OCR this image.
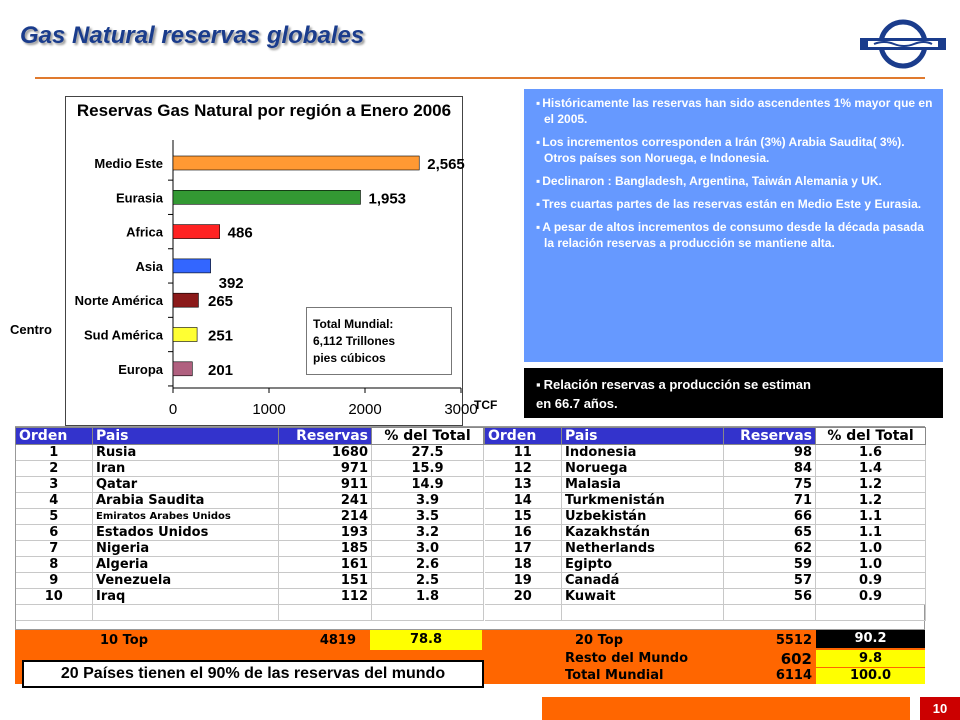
Gas Natural reservas globales
Reservas Gas Natural por región a Enero 2006
0	1000	2000	3000
Medio Este	2,565
Eurasia	1,953
Africa	486
Asia
392
Norte América	265
Sud América	251
Europa	201
Centro	Total Mundial:
6,112 Trillones
pies cúbicos
TCF
▪ Históricamente las reservas han sido ascendentes 1% mayor que en el 2005.
▪ Los incrementos corresponden a Irán (3%) Arabia Saudita( 3%). Otros países son Noruega, e Indonesia.
▪ Declinaron : Bangladesh, Argentina, Taiwán Alemania y UK.
▪ Tres cuartas partes de las reservas están en Medio Este y Eurasia.
▪ A pesar de altos incrementos de consumo desde la década pasada la relación reservas a producción se mantiene alta.
▪ Relación reservas a producción se estiman
en 66.7 años.
Orden	Pais	Reservas	% del Total
1	Rusia	1680	27.5
2	Iran	971	15.9
3	Qatar	911	14.9
4	Arabia Saudita	241	3.9
5	Emiratos Arabes Unidos	214	3.5
6	Estados Unidos	193	3.2
7	Nigeria	185	3.0
8	Algeria	161	2.6
9	Venezuela	151	2.5
10	Iraq	112	1.8

Orden	Pais	Reservas	% del Total
11	Indonesia	98	1.6
12	Noruega	84	1.4
13	Malasia	75	1.2
14	Turkmenistán	71	1.2
15	Uzbekistán	66	1.1
16	Kazakhstán	65	1.1
17	Netherlands	62	1.0
18	Egipto	59	1.0
19	Canadá	57	0.9
20	Kuwait	56	0.9

10 Top	4819	78.8	20 Top	5512	90.2
Resto del Mundo	602	9.8
Total Mundial	6114	100.0
20 Países tienen el 90% de las reservas del mundo
10
